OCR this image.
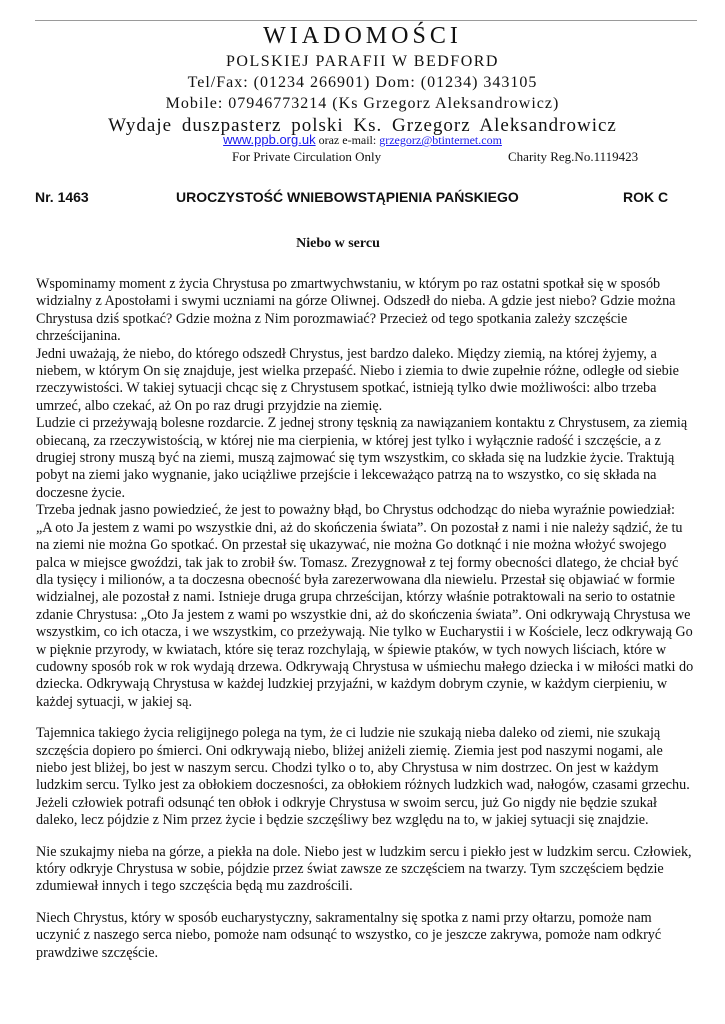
WIADOMOŚCI
POLSKIEJ PARAFII W BEDFORD
Tel/Fax: (01234 266901) Dom: (01234) 343105
Mobile: 07946773214 (Ks Grzegorz Aleksandrowicz)
Wydaje duszpasterz polski Ks. Grzegorz Aleksandrowicz
www.ppb.org.uk oraz e-mail: grzegorz@btinternet.com
For Private Circulation Only	Charity Reg.No.1119423
Nr. 1463	UROCZYSTOŚĆ WNIEBOWSTĄPIENIA PAŃSKIEGO	ROK C
Niebo w sercu

Wspominamy moment z życia Chrystusa po zmartwychwstaniu, w którym po raz ostatni spotkał się w sposób widzialny z Apostołami i swymi uczniami na górze Oliwnej. Odszedł do nieba. A gdzie jest niebo? Gdzie można Chrystusa dziś spotkać? Gdzie można z Nim porozmawiać? Przecież od tego spotkania zależy szczęście chrześcijanina.

Jedni uważają, że niebo, do którego odszedł Chrystus, jest bardzo daleko. Między ziemią, na której żyjemy, a niebem, w którym On się znajduje, jest wielka przepaść. Niebo i ziemia to dwie zupełnie różne, odległe od siebie rzeczywistości. W takiej sytuacji chcąc się z Chrystusem spotkać, istnieją tylko dwie możliwości: albo trzeba umrzeć, albo czekać, aż On po raz drugi przyjdzie na ziemię.

Ludzie ci przeżywają bolesne rozdarcie. Z jednej strony tęsknią za nawiązaniem kontaktu z Chrystusem, za ziemią obiecaną, za rzeczywistością, w której nie ma cierpienia, w której jest tylko i wyłącznie radość i szczęście, a z drugiej strony muszą być na ziemi, muszą zajmować się tym wszystkim, co składa się na ludzkie życie. Traktują pobyt na ziemi jako wygnanie, jako uciążliwe przejście i lekceważąco patrzą na to wszystko, co się składa na doczesne życie.

Trzeba jednak jasno powiedzieć, że jest to poważny błąd, bo Chrystus odchodząc do nieba wyraźnie powiedział: „A oto Ja jestem z wami po wszystkie dni, aż do skończenia świata”. On pozostał z nami i nie należy sądzić, że tu na ziemi nie można Go spotkać. On przestał się ukazywać, nie można Go dotknąć i nie można włożyć swojego palca w miejsce gwoździ, tak jak to zrobił św. Tomasz. Zrezygnował z tej formy obecności dlatego, że chciał być dla tysięcy i milionów, a ta doczesna obecność była zarezerwowana dla niewielu. Przestał się objawiać w formie widzialnej, ale pozostał z nami. Istnieje druga grupa chrześcijan, którzy właśnie potraktowali na serio to ostatnie zdanie Chrystusa: „Oto Ja jestem z wami po wszystkie dni, aż do skończenia świata”. Oni odkrywają Chrystusa we wszystkim, co ich otacza, i we wszystkim, co przeżywają. Nie tylko w Eucharystii i w Kościele, lecz odkrywają Go w pięknie przyrody, w kwiatach, które się teraz rozchylają, w śpiewie ptaków, w tych nowych liściach, które w cudowny sposób rok w rok wydają drzewa. Odkrywają Chrystusa w uśmiechu małego dziecka i w miłości matki do dziecka. Odkrywają Chrystusa w każdej ludzkiej przyjaźni, w każdym dobrym czynie, w każdym cierpieniu, w każdej sytuacji, w jakiej są.

Tajemnica takiego życia religijnego polega na tym, że ci ludzie nie szukają nieba daleko od ziemi, nie szukają szczęścia dopiero po śmierci. Oni odkrywają niebo, bliżej aniżeli ziemię. Ziemia jest pod naszymi nogami, ale niebo jest bliżej, bo jest w naszym sercu. Chodzi tylko o to, aby Chrystusa w nim dostrzec. On jest w każdym ludzkim sercu. Tylko jest za obłokiem doczesności, za obłokiem różnych ludzkich wad, nałogów, czasami grzechu. Jeżeli człowiek potrafi odsunąć ten obłok i odkryje Chrystusa w swoim sercu, już Go nigdy nie będzie szukał daleko, lecz pójdzie z Nim przez życie i będzie szczęśliwy bez względu na to, w jakiej sytuacji się znajdzie.

Nie szukajmy nieba na górze, a piekła na dole. Niebo jest w ludzkim sercu i piekło jest w ludzkim sercu. Człowiek, który odkryje Chrystusa w sobie, pójdzie przez świat zawsze ze szczęściem na twarzy. Tym szczęściem będzie zdumiewał innych i tego szczęścia będą mu zazdrościli.

Niech Chrystus, który w sposób eucharystyczny, sakramentalny się spotka z nami przy ołtarzu, pomoże nam uczynić z naszego serca niebo, pomoże nam odsunąć to wszystko, co je jeszcze zakrywa, pomoże nam odkryć prawdziwe szczęście.
